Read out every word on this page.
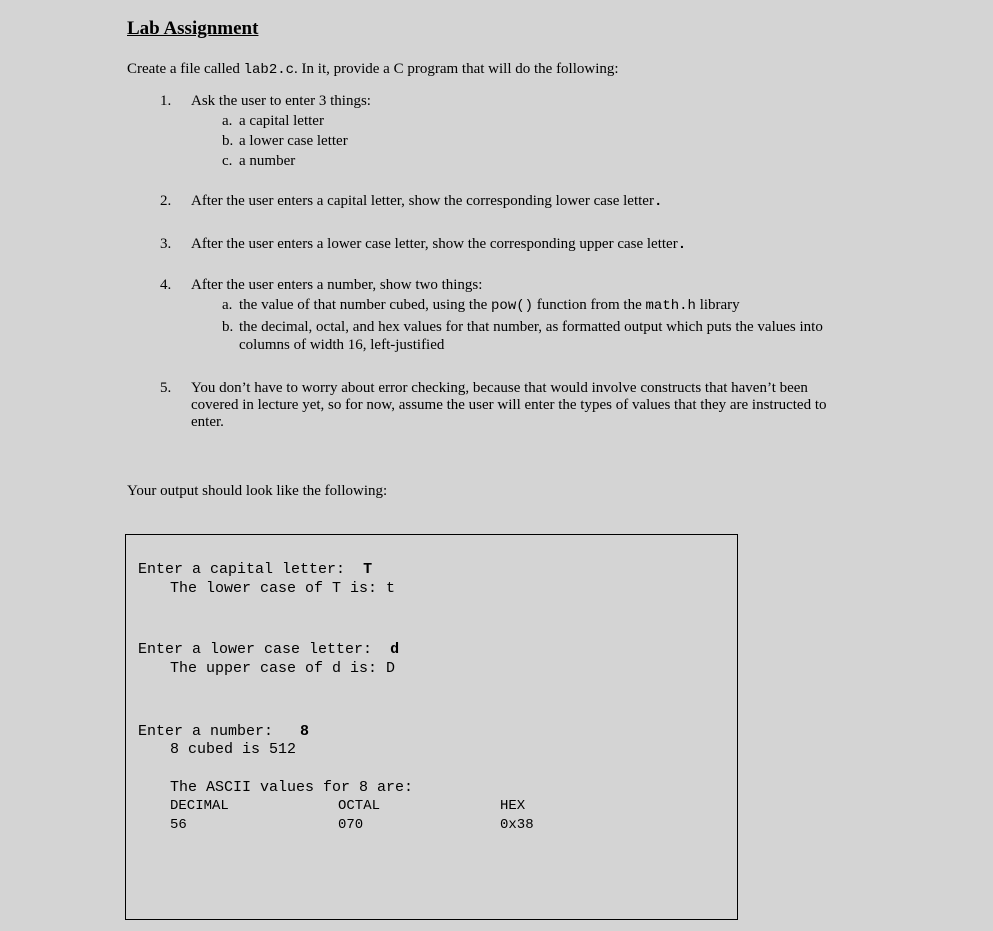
Lab Assignment
Create a file called lab2.c. In it, provide a C program that will do the following:
1.	Ask the user to enter 3 things:
a. a capital letter
b. a lower case letter
c. a number
2.	After the user enters a capital letter, show the corresponding lower case letter.
3.	After the user enters a lower case letter, show the corresponding upper case letter.
4.	After the user enters a number, show two things:
a. the value of that number cubed, using the pow() function from the math.h library
b. the decimal, octal, and hex values for that number, as formatted output which puts the values into
columns of width 16, left-justified
5.	You don’t have to worry about error checking, because that would involve constructs that haven’t been
covered in lecture yet, so for now, assume the user will enter the types of values that they are instructed to
enter.
Your output should look like the following:
Enter a capital letter: T
The lower case of T is: t
Enter a lower case letter: d
The upper case of d is: D
Enter a number: 8
8 cubed is 512
The ASCII values for 8 are:
DECIMAL	OCTAL	HEX
56	070	0x38
